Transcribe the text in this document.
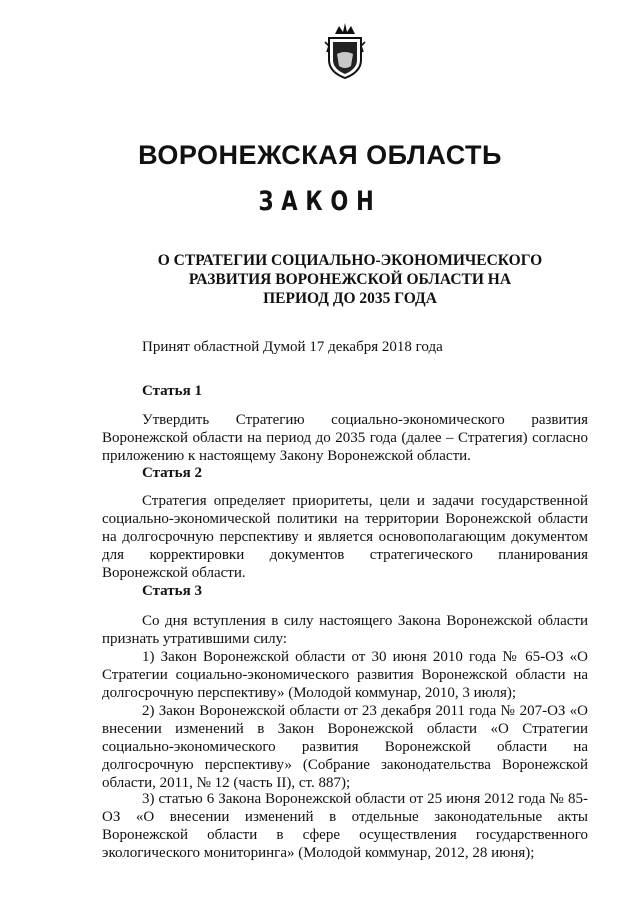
ВОРОНЕЖСКАЯ ОБЛАСТЬ
ЗАКОН
О СТРАТЕГИИ СОЦИАЛЬНО-ЭКОНОМИЧЕСКОГО
РАЗВИТИЯ ВОРОНЕЖСКОЙ ОБЛАСТИ НА
ПЕРИОД ДО 2035 ГОДА
Принят областной Думой 17 декабря 2018 года
Статья 1

Утвердить Стратегию социально-экономического развития Воронежской области на период до 2035 года (далее – Стратегия) согласно приложению к настоящему Закону Воронежской области.

Статья 2

Стратегия определяет приоритеты, цели и задачи государственной социально-экономической политики на территории Воронежской области на долгосрочную перспективу и является основополагающим документом для корректировки документов стратегического планирования Воронежской области.

Статья 3

Со дня вступления в силу настоящего Закона Воронежской области признать утратившими силу:

1) Закон Воронежской области от 30 июня 2010 года № 65-ОЗ «О Стратегии социально-экономического развития Воронежской области на долгосрочную перспективу» (Молодой коммунар, 2010, 3 июля);

2) Закон Воронежской области от 23 декабря 2011 года № 207-ОЗ «О внесении изменений в Закон Воронежской области «О Стратегии социально-экономического развития Воронежской области на долгосрочную перспективу» (Собрание законодательства Воронежской области, 2011, № 12 (часть II), ст. 887);

3) статью 6 Закона Воронежской области от 25 июня 2012 года № 85-ОЗ «О внесении изменений в отдельные законодательные акты Воронежской области в сфере осуществления государственного экологического мониторинга» (Молодой коммунар, 2012, 28 июня);
